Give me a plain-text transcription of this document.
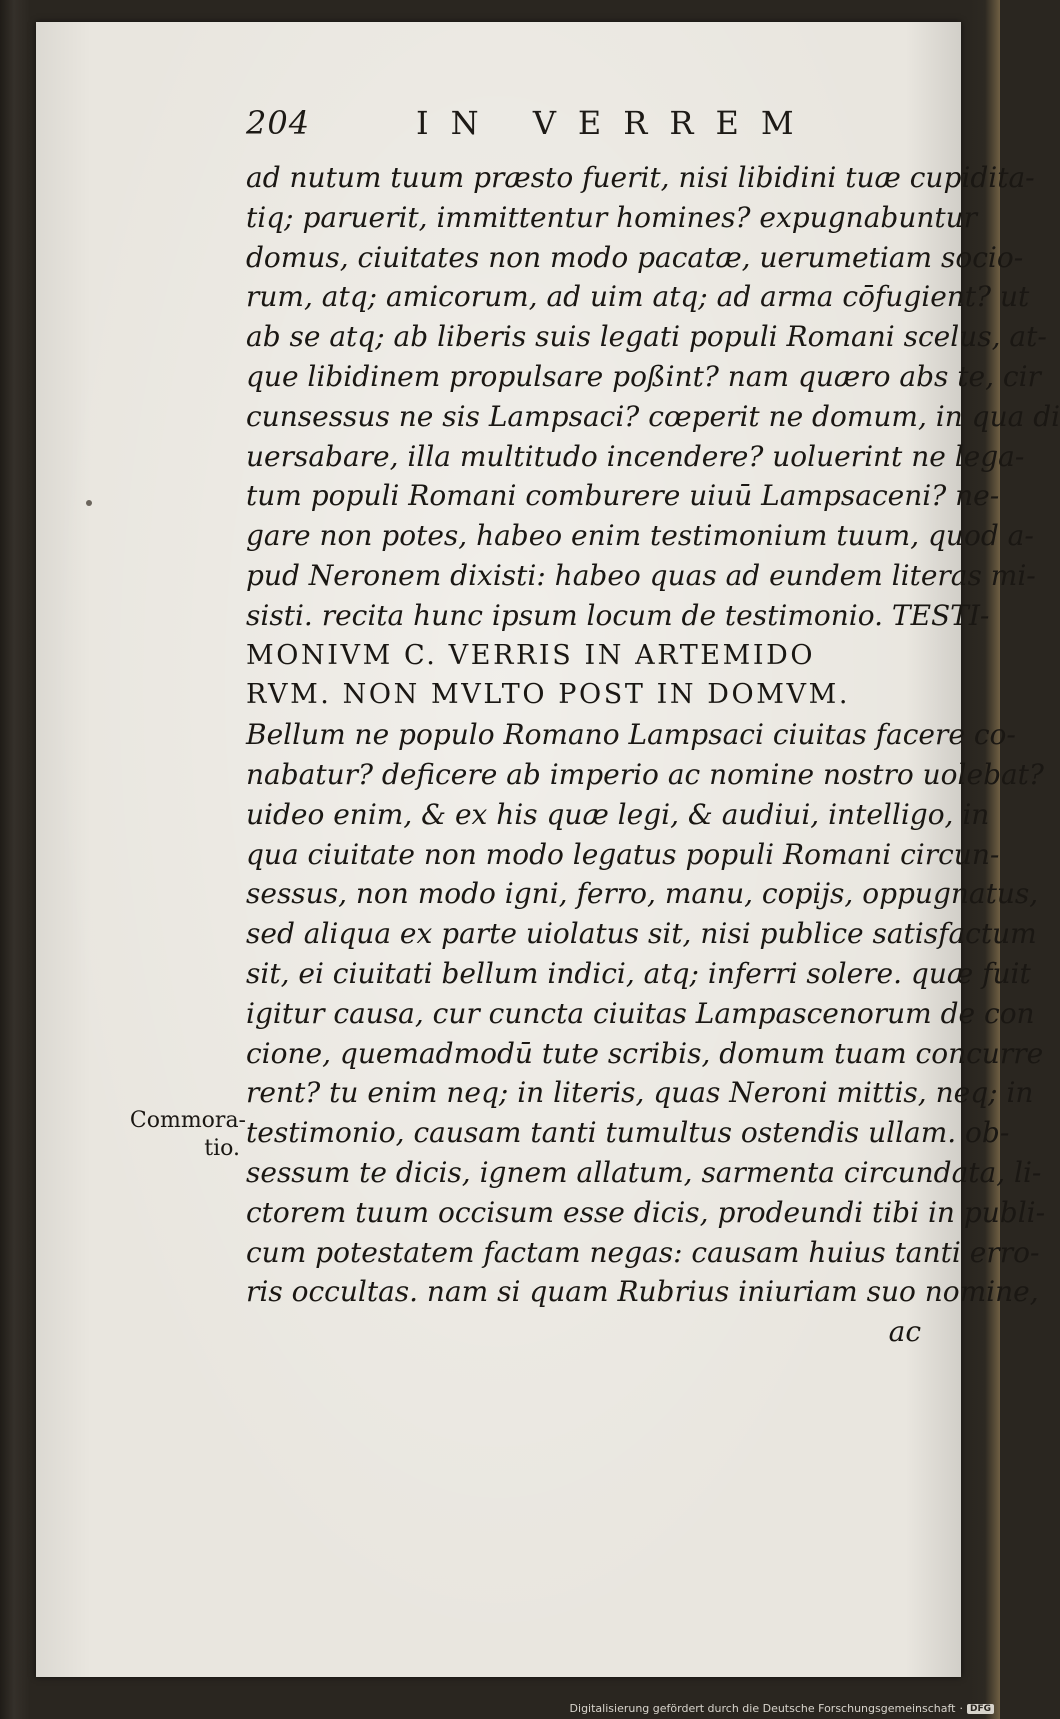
204	IN VERREM
Commora-
tio.
ad nutum tuum præsto fuerit, nisi libidini tuæ cupidita-
tiq; paruerit, immittentur homines? expugnabuntur
domus, ciuitates non modo pacatæ, uerumetiam socio-
rum, atq; amicorum, ad uim atq; ad arma cōfugient? ut
ab se atq; ab liberis suis legati populi Romani scelus, at-
que libidinem propulsare poßint? nam quæro abs te, cir
cunsessus ne sis Lampsaci? cœperit ne domum, in qua di
uersabare, illa multitudo incendere? uoluerint ne lega-
tum populi Romani comburere uiuū Lampsaceni? ne-
gare non potes, habeo enim testimonium tuum, quod a-
pud Neronem dixisti: habeo quas ad eundem literas mi-
sisti. recita hunc ipsum locum de testimonio. TESTI-
MONIVM C. VERRIS IN ARTEMIDO
RVM. NON MVLTO POST IN DOMVM.
Bellum ne populo Romano Lampsaci ciuitas facere co-
nabatur? deficere ab imperio ac nomine nostro uolebat?
uideo enim, & ex his quæ legi, & audiui, intelligo, in
qua ciuitate non modo legatus populi Romani circun-
sessus, non modo igni, ferro, manu, copijs, oppugnatus,
sed aliqua ex parte uiolatus sit, nisi publice satisfactum
sit, ei ciuitati bellum indici, atq; inferri solere. quæ fuit
igitur causa, cur cuncta ciuitas Lampascenorum de con
cione, quemadmodū tute scribis, domum tuam concurre
rent? tu enim neq; in literis, quas Neroni mittis, neq; in
testimonio, causam tanti tumultus ostendis ullam. ob-
sessum te dicis, ignem allatum, sarmenta circundata, li-
ctorem tuum occisum esse dicis, prodeundi tibi in publi-
cum potestatem factam negas: causam huius tanti erro-
ris occultas. nam si quam Rubrius iniuriam suo nomine,
ac
Digitalisierung gefördert durch die Deutsche Forschungsgemeinschaft · DFG
